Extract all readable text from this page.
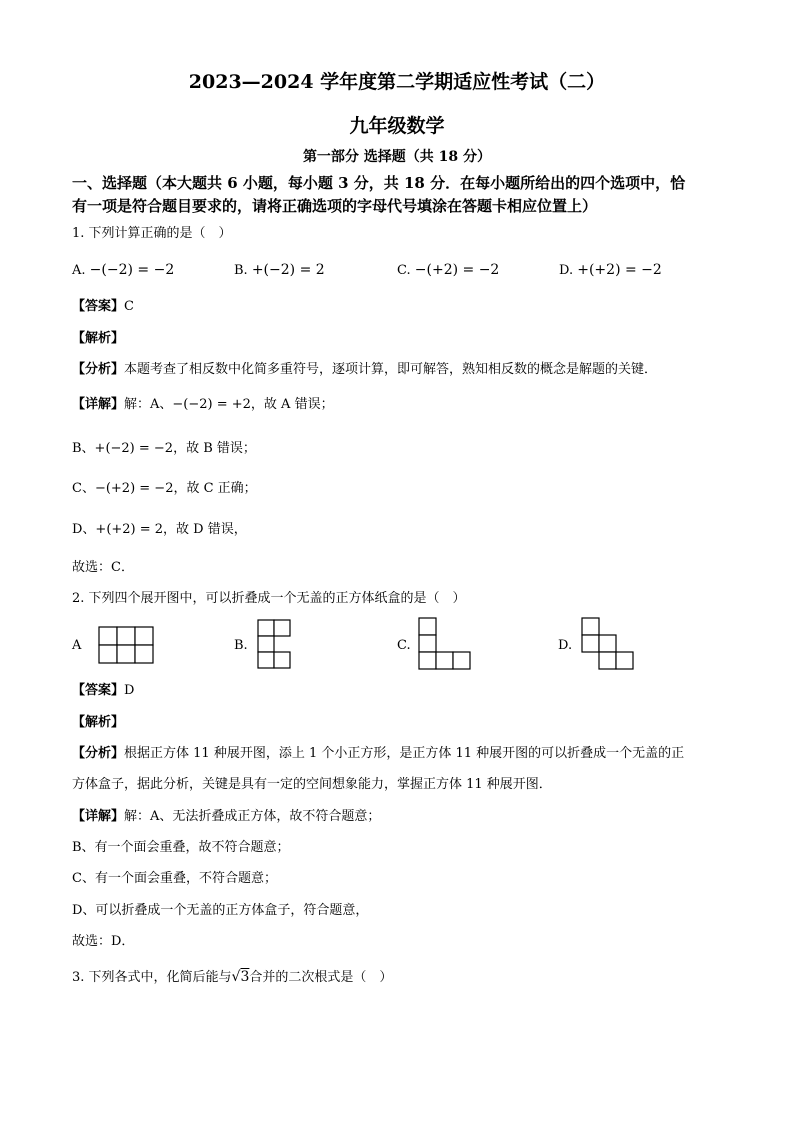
2023—2024 学年度第二学期适应性考试（二）
九年级数学
第一部分 选择题（共 18 分）
一、选择题（本大题共 6 小题，每小题 3 分，共 18 分．在每小题所给出的四个选项中，恰
有一项是符合题目要求的，请将正确选项的字母代号填涂在答题卡相应位置上）
1. 下列计算正确的是（　）
A. −(−2) = −2	B. +(−2) = 2	C. −(+2) = −2	D. +(+2) = −2
【答案】C
【解析】
【分析】本题考查了相反数中化简多重符号，逐项计算，即可解答，熟知相反数的概念是解题的关键．
【详解】解：A、−(−2) = +2，故 A 错误；
B、+(−2) = −2，故 B 错误；
C、−(+2) = −2，故 C 正确；
D、+(+2) = 2，故 D 错误，
故选：C．
2. 下列四个展开图中，可以折叠成一个无盖的正方体纸盒的是（　）
A	B.	C.	D.
【答案】D
【解析】
【分析】根据正方体 11 种展开图，添上 1 个小正方形，是正方体 11 种展开图的可以折叠成一个无盖的正
方体盒子，据此分析，关键是具有一定的空间想象能力，掌握正方体 11 种展开图．
【详解】解：A、无法折叠成正方体，故不符合题意；
B、有一个面会重叠，故不符合题意；
C、有一个面会重叠，不符合题意；
D、可以折叠成一个无盖的正方体盒子，符合题意，
故选：D．
3. 下列各式中，化简后能与√3合并的二次根式是（　）
